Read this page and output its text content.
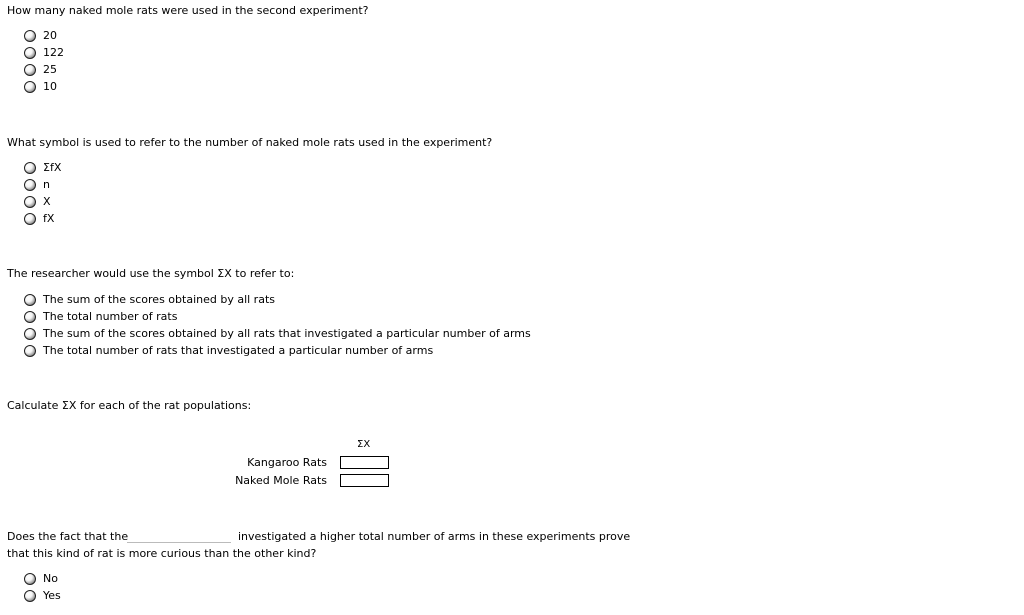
How many naked mole rats were used in the second experiment?
20
122
25
10
What symbol is used to refer to the number of naked mole rats used in the experiment?
ΣfX
n
X
fX
The researcher would use the symbol ΣX to refer to:
The sum of the scores obtained by all rats
The total number of rats
The sum of the scores obtained by all rats that investigated a particular number of arms
The total number of rats that investigated a particular number of arms
Calculate ΣX for each of the rat populations:
ΣX
Kangaroo Rats
Naked Mole Rats
Does the fact that the	investigated a higher total number of arms in these experiments prove
that this kind of rat is more curious than the other kind?
No
Yes
